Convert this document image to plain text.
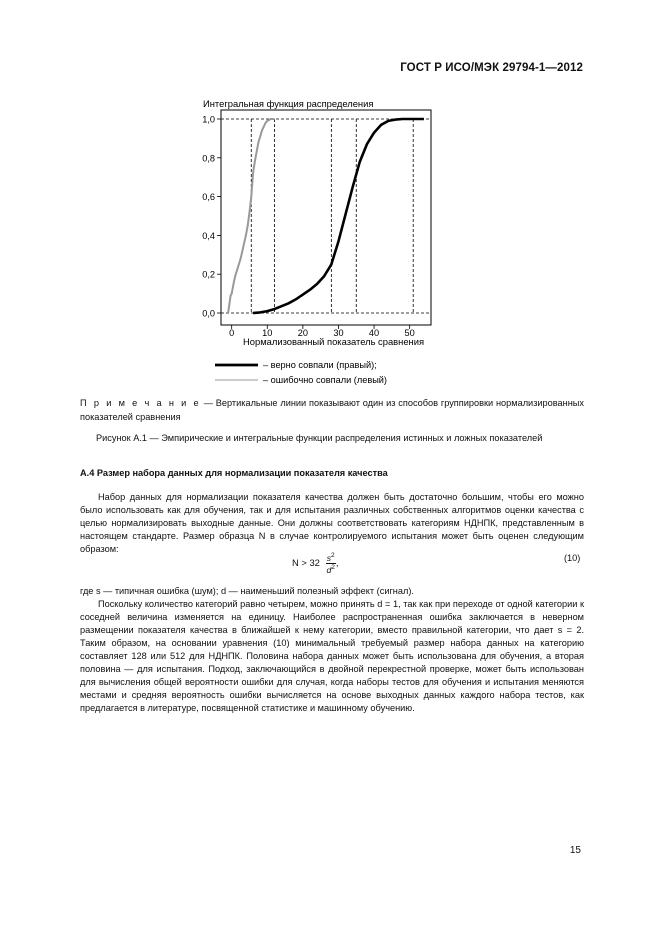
ГОСТ Р ИСО/МЭК 29794-1—2012
Интегральная функция распределения
0,0
0,2
0,4
0,6
0,8
1,0
0	10	20	30	40	50
Нормализованный показатель сравнения
– верно совпали (правый);
– ошибочно совпали (левый)
П р и м е ч а н и е — Вертикальные линии показывают один из способов группировки нормализированных показателей сравнения
Рисунок А.1 — Эмпирические и интегральные функции распределения истинных и ложных показателей
А.4 Размер набора данных для нормализации показателя качества

Набор данных для нормализации показателя качества должен быть достаточно большим, чтобы его можно было использовать как для обучения, так и для испытания различных собственных алгоритмов оценки качества с целью нормализировать выходные данные. Они должны соответствовать категориям НДНПК, представленным в настоящем стандарте. Размер образца N в случае контролируемого испытания может быть оценен следующим образом:

$N > 32 \frac{s^2}{d^2}$ ,	(10)

где s — типичная ошибка (шум); d — наименьший полезный эффект (сигнал).

Поскольку количество категорий равно четырем, можно принять d = 1, так как при переходе от одной категории к соседней величина изменяется на единицу. Наиболее распространенная ошибка заключается в неверном размещении показателя качества в ближайшей к нему категории, вместо правильной категории, что дает s = 2. Таким образом, на основании уравнения (10) минимальный требуемый размер набора данных на категорию составляет 128 или 512 для НДНПК. Половина набора данных может быть использована для обучения, а вторая половина — для испытания. Подход, заключающийся в двойной перекрестной проверке, может быть использован для вычисления общей вероятности ошибки для случая, когда наборы тестов для обучения и испытания меняются местами и средняя вероятность ошибки вычисляется на основе выходных данных каждого набора тестов, как предлагается в литературе, посвященной статистике и машинному обучению.

15
